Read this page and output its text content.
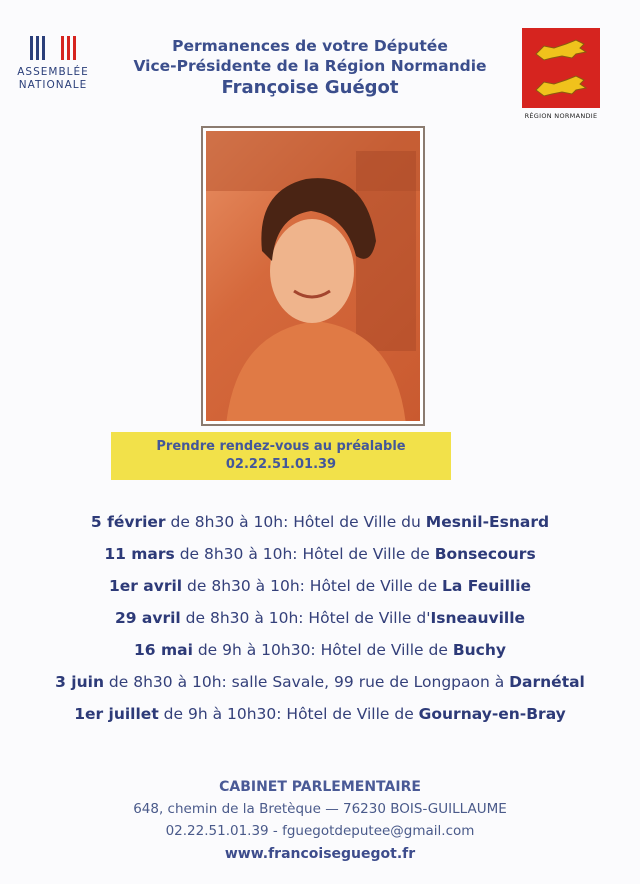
ASSEMBLÉE
NATIONALE
Permanences de votre Députée
Vice-Présidente de la Région Normandie
Françoise Guégot
RÉGION NORMANDIE
Prendre rendez-vous au préalable
02.22.51.01.39
5 février de 8h30 à 10h: Hôtel de Ville du Mesnil-Esnard
11 mars de 8h30 à 10h: Hôtel de Ville de Bonsecours
1er avril de 8h30 à 10h: Hôtel de Ville de La Feuillie
29 avril de 8h30 à 10h: Hôtel de Ville d'Isneauville
16 mai de 9h à 10h30: Hôtel de Ville de Buchy
3 juin de 8h30 à 10h: salle Savale, 99 rue de Longpaon à Darnétal
1er juillet de 9h à 10h30: Hôtel de Ville de Gournay-en-Bray
CABINET PARLEMENTAIRE
648, chemin de la Bretèque — 76230 BOIS-GUILLAUME
02.22.51.01.39 - fguegotdeputee@gmail.com
www.francoiseguegot.fr
